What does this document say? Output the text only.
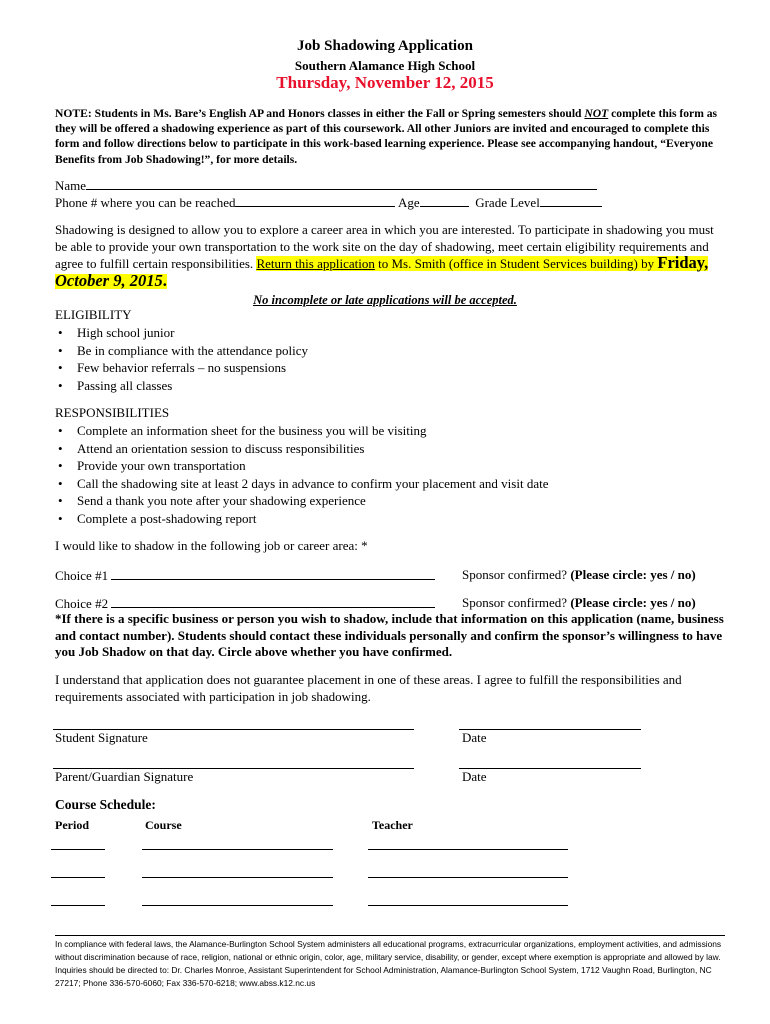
Job Shadowing Application
Southern Alamance High School
Thursday, November 12, 2015
NOTE: Students in Ms. Bare’s English AP and Honors classes in either the Fall or Spring semesters should NOT complete this form as they will be offered a shadowing experience as part of this coursework. All other Juniors are invited and encouraged to complete this form and follow directions below to participate in this work-based learning experience. Please see accompanying handout, “Everyone Benefits from Job Shadowing!”, for more details.
Name
Phone # where you can be reached	Age	Grade Level
Shadowing is designed to allow you to explore a career area in which you are interested. To participate in shadowing you must be able to provide your own transportation to the work site on the day of shadowing, meet certain eligibility requirements and agree to fulfill certain responsibilities. Return this application to Ms. Smith (office in Student Services building) by Friday, October 9, 2015.
No incomplete or late applications will be accepted.
ELIGIBILITY
• High school junior
• Be in compliance with the attendance policy
• Few behavior referrals – no suspensions
• Passing all classes
RESPONSIBILITIES
• Complete an information sheet for the business you will be visiting
• Attend an orientation session to discuss responsibilities
• Provide your own transportation
• Call the shadowing site at least 2 days in advance to confirm your placement and visit date
• Send a thank you note after your shadowing experience
• Complete a post-shadowing report
I would like to shadow in the following job or career area: *
Choice #1	Sponsor confirmed? (Please circle: yes / no)
Choice #2	Sponsor confirmed? (Please circle: yes / no)
*If there is a specific business or person you wish to shadow, include that information on this application (name, business and contact number). Students should contact these individuals personally and confirm the sponsor’s willingness to have you Job Shadow on that day. Circle above whether you have confirmed.
I understand that application does not guarantee placement in one of these areas. I agree to fulfill the responsibilities and requirements associated with participation in job shadowing.
Student Signature	Date
Parent/Guardian Signature	Date
Course Schedule:
Period	Course	Teacher
In compliance with federal laws, the Alamance-Burlington School System administers all educational programs, extracurricular organizations, employment activities, and admissions without discrimination because of race, religion, national or ethnic origin, color, age, military service, disability, or gender, except where exemption is appropriate and allowed by law. Inquiries should be directed to: Dr. Charles Monroe, Assistant Superintendent for School Administration, Alamance-Burlington School System, 1712 Vaughn Road, Burlington, NC 27217; Phone 336-570-6060; Fax 336-570-6218; www.abss.k12.nc.us
